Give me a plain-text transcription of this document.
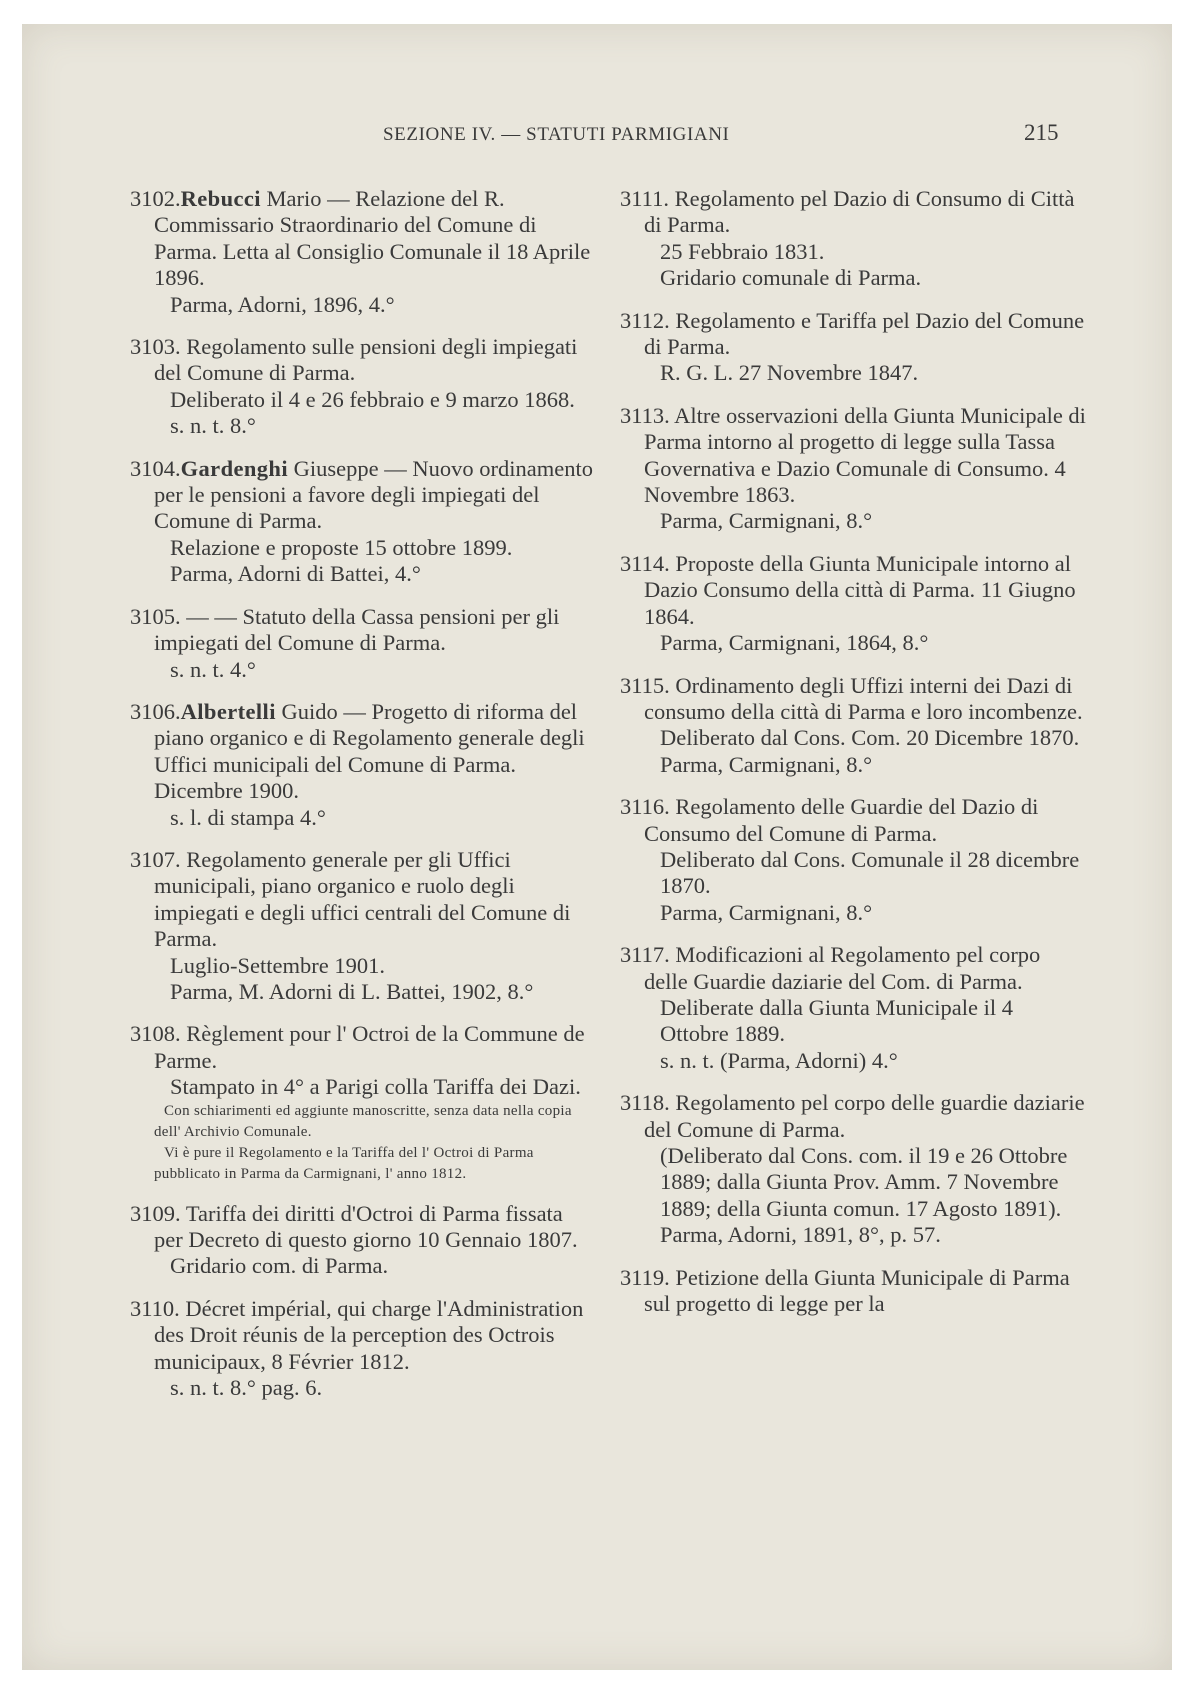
SEZIONE IV. — STATUTI PARMIGIANI	215

3102.Rebucci Mario — Relazione del R. Commissario Straordinario del Comune di Parma. Letta al Consiglio Comunale il 18 Aprile 1896.

Parma, Adorni, 1896, 4.°

3103. Regolamento sulle pensioni degli impiegati del Comune di Parma.

Deliberato il 4 e 26 febbraio e 9 marzo 1868.

s. n. t. 8.°

3104.Gardenghi Giuseppe — Nuovo ordinamento per le pensioni a favore degli impiegati del Comune di Parma.

Relazione e proposte 15 ottobre 1899.

Parma, Adorni di Battei, 4.°

3105. — — Statuto della Cassa pensioni per gli impiegati del Comune di Parma.

s. n. t. 4.°

3106.Albertelli Guido — Progetto di riforma del piano organico e di Regolamento generale degli Uffici municipali del Comune di Parma. Dicembre 1900.

s. l. di stampa 4.°

3107. Regolamento generale per gli Uffici municipali, piano organico e ruolo degli impiegati e degli uffici centrali del Comune di Parma.

Luglio-Settembre 1901.

Parma, M. Adorni di L. Battei, 1902, 8.°

3108. Règlement pour l' Octroi de la Commune de Parme.

Stampato in 4° a Parigi colla Tariffa dei Dazi.

Con schiarimenti ed aggiunte manoscritte, senza data nella copia dell' Archivio Comunale.

Vi è pure il Regolamento e la Tariffa del l' Octroi di Parma pubblicato in Parma da Carmignani, l' anno 1812.

3109. Tariffa dei diritti d'Octroi di Parma fissata per Decreto di questo giorno 10 Gennaio 1807.

Gridario com. di Parma.

3110. Décret impérial, qui charge l'Administration des Droit réunis de la perception des Octrois municipaux, 8 Février 1812.

s. n. t. 8.° pag. 6.

3111. Regolamento pel Dazio di Consumo di Città di Parma.

25 Febbraio 1831.

Gridario comunale di Parma.

3112. Regolamento e Tariffa pel Dazio del Comune di Parma.

R. G. L. 27 Novembre 1847.

3113. Altre osservazioni della Giunta Municipale di Parma intorno al progetto di legge sulla Tassa Governativa e Dazio Comunale di Consumo. 4 Novembre 1863.

Parma, Carmignani, 8.°

3114. Proposte della Giunta Municipale intorno al Dazio Consumo della città di Parma. 11 Giugno 1864.

Parma, Carmignani, 1864, 8.°

3115. Ordinamento degli Uffizi interni dei Dazi di consumo della città di Parma e loro incombenze.

Deliberato dal Cons. Com. 20 Dicembre 1870.

Parma, Carmignani, 8.°

3116. Regolamento delle Guardie del Dazio di Consumo del Comune di Parma.

Deliberato dal Cons. Comunale il 28 dicembre 1870.

Parma, Carmignani, 8.°

3117. Modificazioni al Regolamento pel corpo delle Guardie daziarie del Com. di Parma.

Deliberate dalla Giunta Municipale il 4 Ottobre 1889.

s. n. t. (Parma, Adorni) 4.°

3118. Regolamento pel corpo delle guardie daziarie del Comune di Parma.

(Deliberato dal Cons. com. il 19 e 26 Ottobre 1889; dalla Giunta Prov. Amm. 7 Novembre 1889; della Giunta comun. 17 Agosto 1891).

Parma, Adorni, 1891, 8°, p. 57.

3119. Petizione della Giunta Municipale di Parma sul progetto di legge per la
